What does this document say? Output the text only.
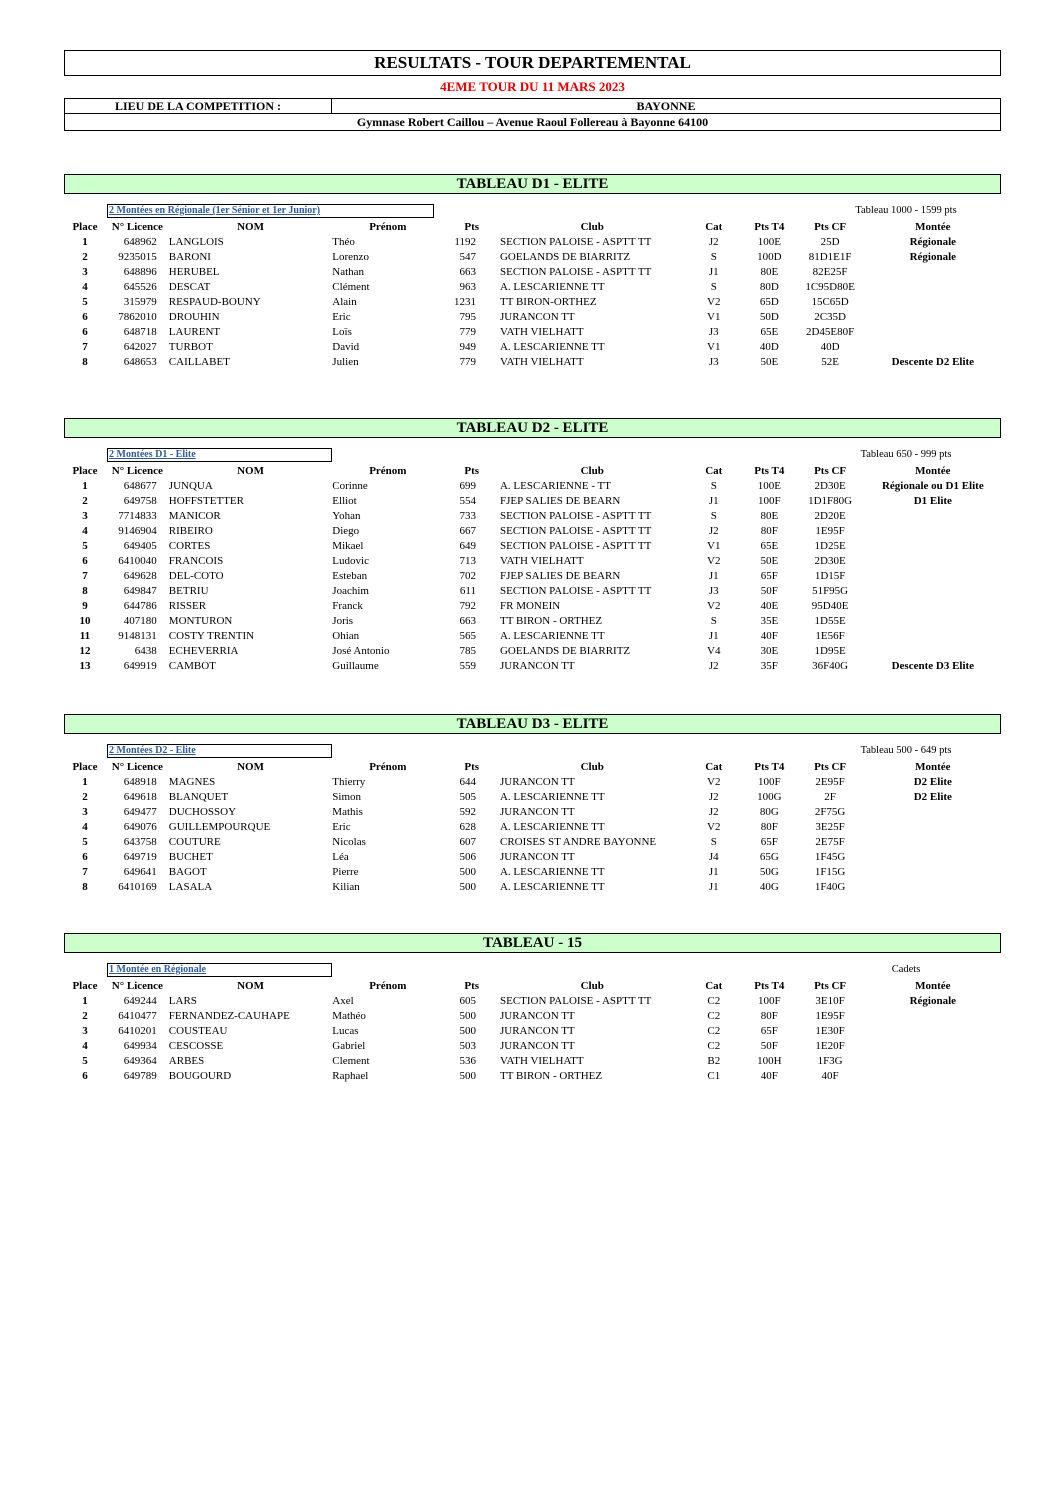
RESULTATS - TOUR DEPARTEMENTAL
4EME TOUR DU 11 MARS 2023
LIEU DE LA COMPETITION :	BAYONNE
Gymnase Robert Caillou – Avenue Raoul Follereau à Bayonne 64100
TABLEAU D1 - ELITE
2 Montées en Régionale (1er Sénior et 1er Junior)	Tableau 1000 - 1599 pts
Place	N° Licence	NOM	Prénom	Pts	Club	Cat	Pts T4	Pts CF	Montée
1	648962	LANGLOIS	Théo	1192	SECTION PALOISE - ASPTT TT	J2	100E	25D	Régionale
2	9235015	BARONI	Lorenzo	547	GOELANDS DE BIARRITZ	S	100D	81D1E1F	Régionale
3	648896	HERUBEL	Nathan	663	SECTION PALOISE - ASPTT TT	J1	80E	82E25F	
4	645526	DESCAT	Clément	963	A. LESCARIENNE TT	S	80D	1C95D80E	
5	315979	RESPAUD-BOUNY	Alain	1231	TT BIRON-ORTHEZ	V2	65D	15C65D	
6	7862010	DROUHIN	Eric	795	JURANCON TT	V1	50D	2C35D	
6	648718	LAURENT	Loïs	779	VATH VIELHATT	J3	65E	2D45E80F	
7	642027	TURBOT	David	949	A. LESCARIENNE TT	V1	40D	40D	
8	648653	CAILLABET	Julien	779	VATH VIELHATT	J3	50E	52E	Descente D2 Elite
TABLEAU D2 - ELITE
2 Montées D1 - Elite	Tableau 650 - 999 pts
Place	N° Licence	NOM	Prénom	Pts	Club	Cat	Pts T4	Pts CF	Montée
1	648677	JUNQUA	Corinne	699	A. LESCARIENNE - TT	S	100E	2D30E	Régionale ou D1 Elite
2	649758	HOFFSTETTER	Elliot	554	FJEP SALIES DE BEARN	J1	100F	1D1F80G	D1 Elite
3	7714833	MANICOR	Yohan	733	SECTION PALOISE - ASPTT TT	S	80E	2D20E	
4	9146904	RIBEIRO	Diego	667	SECTION PALOISE - ASPTT TT	J2	80F	1E95F	
5	649405	CORTES	Mikael	649	SECTION PALOISE - ASPTT TT	V1	65E	1D25E	
6	6410040	FRANCOIS	Ludovic	713	VATH VIELHATT	V2	50E	2D30E	
7	649628	DEL-COTO	Esteban	702	FJEP SALIES DE BEARN	J1	65F	1D15F	
8	649847	BETRIU	Joachim	611	SECTION PALOISE - ASPTT TT	J3	50F	51F95G	
9	644786	RISSER	Franck	792	FR MONEIN	V2	40E	95D40E	
10	407180	MONTURON	Joris	663	TT BIRON - ORTHEZ	S	35E	1D55E	
11	9148131	COSTY TRENTIN	Ohian	565	A. LESCARIENNE TT	J1	40F	1E56F	
12	6438	ECHEVERRIA	José Antonio	785	GOELANDS DE BIARRITZ	V4	30E	1D95E	
13	649919	CAMBOT	Guillaume	559	JURANCON TT	J2	35F	36F40G	Descente D3 Elite
TABLEAU D3 - ELITE
2 Montées D2 - Elite	Tableau 500 - 649 pts
Place	N° Licence	NOM	Prénom	Pts	Club	Cat	Pts T4	Pts CF	Montée
1	648918	MAGNES	Thierry	644	JURANCON TT	V2	100F	2E95F	D2 Elite
2	649618	BLANQUET	Simon	505	A. LESCARIENNE TT	J2	100G	2F	D2 Elite
3	649477	DUCHOSSOY	Mathis	592	JURANCON TT	J2	80G	2F75G	
4	649076	GUILLEMPOURQUE	Eric	628	A. LESCARIENNE TT	V2	80F	3E25F	
5	643758	COUTURE	Nicolas	607	CROISES ST ANDRE BAYONNE	S	65F	2E75F	
6	649719	BUCHET	Léa	506	JURANCON TT	J4	65G	1F45G	
7	649641	BAGOT	Pierre	500	A. LESCARIENNE TT	J1	50G	1F15G	
8	6410169	LASALA	Kilian	500	A. LESCARIENNE TT	J1	40G	1F40G	
TABLEAU - 15
1 Montée en Régionale	Cadets
Place	N° Licence	NOM	Prénom	Pts	Club	Cat	Pts T4	Pts CF	Montée
1	649244	LARS	Axel	605	SECTION PALOISE - ASPTT TT	C2	100F	3E10F	Régionale
2	6410477	FERNANDEZ-CAUHAPE	Mathéo	500	JURANCON TT	C2	80F	1E95F	
3	6410201	COUSTEAU	Lucas	500	JURANCON TT	C2	65F	1E30F	
4	649934	CESCOSSE	Gabriel	503	JURANCON TT	C2	50F	1E20F	
5	649364	ARBES	Clement	536	VATH VIELHATT	B2	100H	1F3G	
6	649789	BOUGOURD	Raphael	500	TT BIRON - ORTHEZ	C1	40F	40F	
